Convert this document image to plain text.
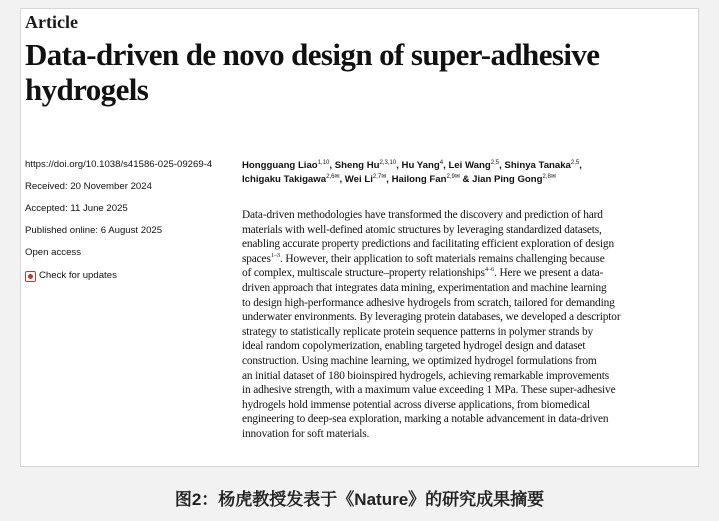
Article
Data-driven de novo design of super-adhesive
hydrogels
https://doi.org/10.1038/s41586-025-09269-4
Received: 20 November 2024
Accepted: 11 June 2025
Published online: 6 August 2025
Open access
Check for updates
Hongguang Liao$^{1,10}$, Sheng Hu$^{2,3,10}$, Hu Yang$^4$, Lei Wang$^{2,5}$, Shinya Tanaka$^{2,5}$,
Ichigaku Takigawa$^{2,6✉}$, Wei $Li^{2,7✉}$, Hailong Fan$^{2,9✉}$ & Jian Ping Gong$^{2,8✉}$

Data-driven methodologies have transformed the discovery and prediction of hard
materials with well-defined atomic structures by leveraging standardized datasets,
enabling accurate property predictions and facilitating efficient exploration of design
spaces$^{1-3}$. However, their application to soft materials remains challenging because
of complex, multiscale structure–property relationships$^{4-6}$. Here we present a data-
driven approach that integrates data mining, experimentation and machine learning
to design high-performance adhesive hydrogels from scratch, tailored for demanding
underwater environments. By leveraging protein databases, we developed a descriptor
strategy to statistically replicate protein sequence patterns in polymer strands by
ideal random copolymerization, enabling targeted hydrogel design and dataset
construction. Using machine learning, we optimized hydrogel formulations from
an initial dataset of 180 bioinspired hydrogels, achieving remarkable improvements
in adhesive strength, with a maximum value exceeding 1 MPa. These super-adhesive
hydrogels hold immense potential across diverse applications, from biomedical
engineering to deep-sea exploration, marking a notable advancement in data-driven
innovation for soft materials.

图2：杨虎教授发表于《Nature》的研究成果摘要
